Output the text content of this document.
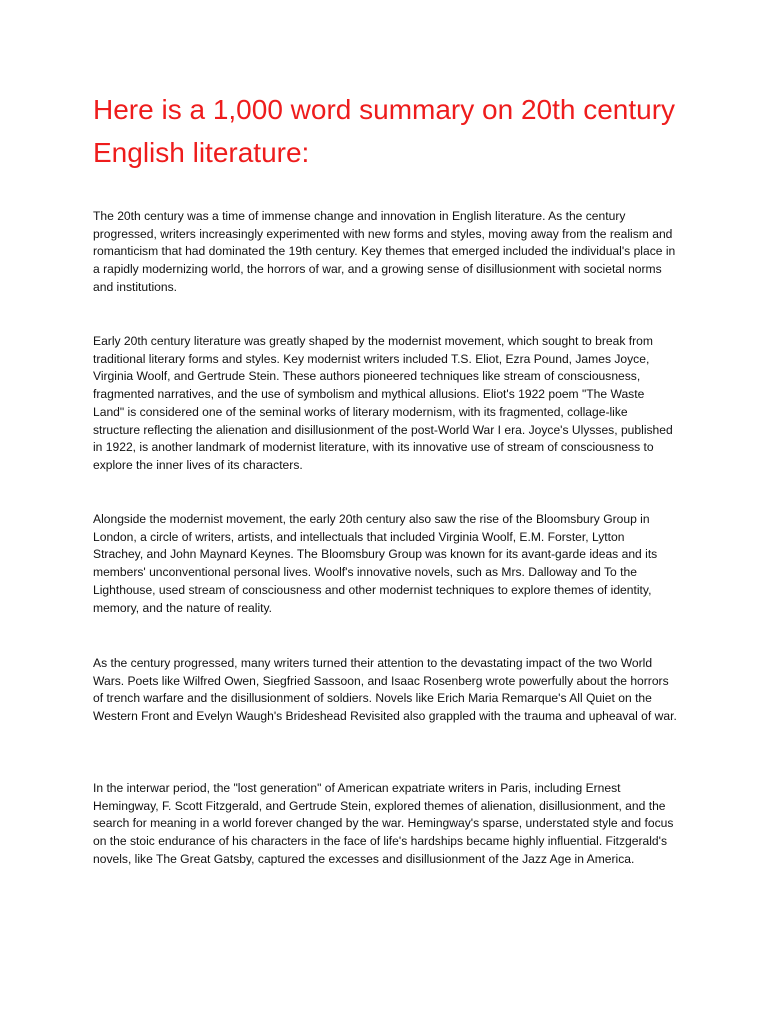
Here is a 1,000 word summary on 20th century English literature:

The 20th century was a time of immense change and innovation in English literature. As the century progressed, writers increasingly experimented with new forms and styles, moving away from the realism and romanticism that had dominated the 19th century. Key themes that emerged included the individual's place in a rapidly modernizing world, the horrors of war, and a growing sense of disillusionment with societal norms and institutions.

Early 20th century literature was greatly shaped by the modernist movement, which sought to break from traditional literary forms and styles. Key modernist writers included T.S. Eliot, Ezra Pound, James Joyce, Virginia Woolf, and Gertrude Stein. These authors pioneered techniques like stream of consciousness, fragmented narratives, and the use of symbolism and mythical allusions. Eliot's 1922 poem "The Waste Land" is considered one of the seminal works of literary modernism, with its fragmented, collage-like structure reflecting the alienation and disillusionment of the post-World War I era. Joyce's Ulysses, published in 1922, is another landmark of modernist literature, with its innovative use of stream of consciousness to explore the inner lives of its characters.

Alongside the modernist movement, the early 20th century also saw the rise of the Bloomsbury Group in London, a circle of writers, artists, and intellectuals that included Virginia Woolf, E.M. Forster, Lytton Strachey, and John Maynard Keynes. The Bloomsbury Group was known for its avant-garde ideas and its members' unconventional personal lives. Woolf's innovative novels, such as Mrs. Dalloway and To the Lighthouse, used stream of consciousness and other modernist techniques to explore themes of identity, memory, and the nature of reality.

As the century progressed, many writers turned their attention to the devastating impact of the two World Wars. Poets like Wilfred Owen, Siegfried Sassoon, and Isaac Rosenberg wrote powerfully about the horrors of trench warfare and the disillusionment of soldiers. Novels like Erich Maria Remarque's All Quiet on the Western Front and Evelyn Waugh's Brideshead Revisited also grappled with the trauma and upheaval of war.

In the interwar period, the "lost generation" of American expatriate writers in Paris, including Ernest Hemingway, F. Scott Fitzgerald, and Gertrude Stein, explored themes of alienation, disillusionment, and the search for meaning in a world forever changed by the war. Hemingway's sparse, understated style and focus on the stoic endurance of his characters in the face of life's hardships became highly influential. Fitzgerald's novels, like The Great Gatsby, captured the excesses and disillusionment of the Jazz Age in America.
